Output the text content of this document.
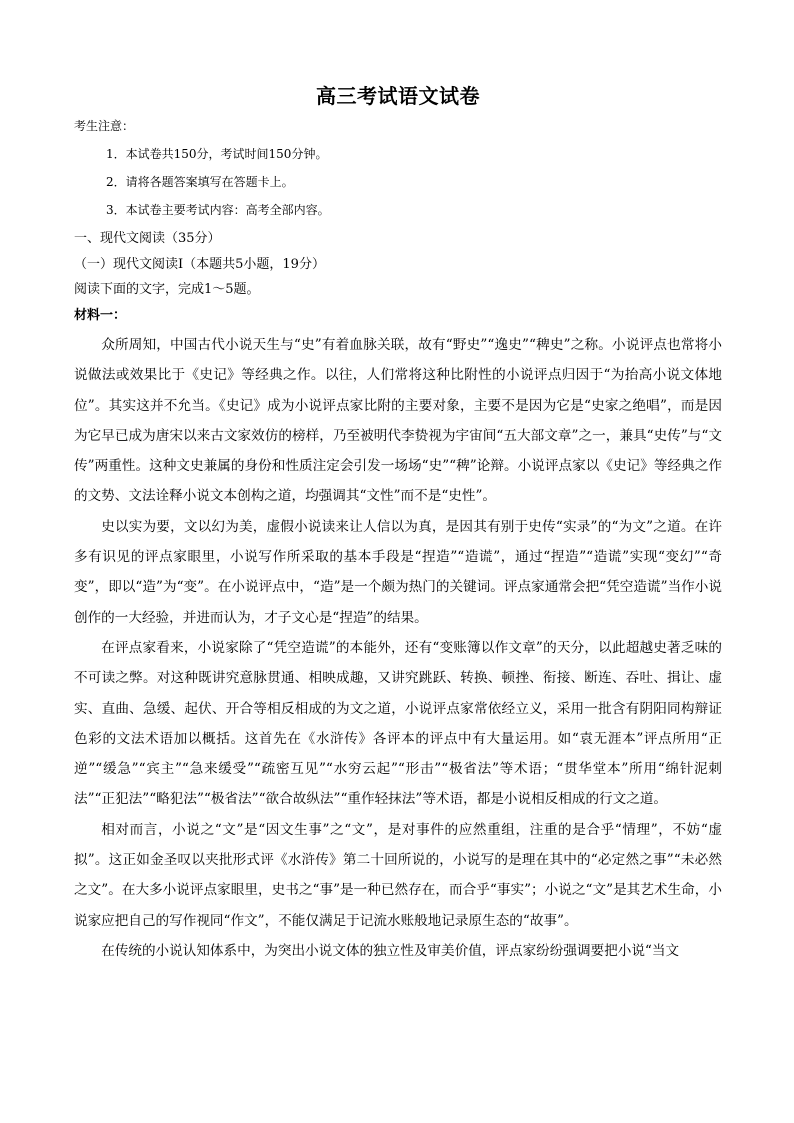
高三考试语文试卷
考生注意：
1．本试卷共150分，考试时间150分钟。
2．请将各题答案填写在答题卡上。
3．本试卷主要考试内容：高考全部内容。
一、现代文阅读（35分）
（一）现代文阅读Ⅰ（本题共5小题，19分）
阅读下面的文字，完成1～5题。
材料一：

众所周知，中国古代小说天生与“史”有着血脉关联，故有“野史”“逸史”“稗史”之称。小说评点也常将小说做法或效果比于《史记》等经典之作。以往，人们常将这种比附性的小说评点归因于“为抬高小说文体地位”。其实这并不允当。《史记》成为小说评点家比附的主要对象，主要不是因为它是“史家之绝唱”，而是因为它早已成为唐宋以来古文家效仿的榜样，乃至被明代李贽视为宇宙间“五大部文章”之一，兼具“史传”与“文传”两重性。这种文史兼属的身份和性质注定会引发一场场“史”“稗”论辩。小说评点家以《史记》等经典之作的文势、文法诠释小说文本创构之道，均强调其“文性”而不是“史性”。

史以实为要，文以幻为美，虚假小说读来让人信以为真，是因其有别于史传“实录”的“为文”之道。在许多有识见的评点家眼里，小说写作所采取的基本手段是“捏造”“造谎”，通过“捏造”“造谎”实现“变幻”“奇变”，即以“造”为“变”。在小说评点中，“造”是一个颇为热门的关键词。评点家通常会把“凭空造谎”当作小说创作的一大经验，并进而认为，才子文心是“捏造”的结果。

在评点家看来，小说家除了“凭空造谎”的本能外，还有“变账簿以作文章”的天分，以此超越史著乏味的不可读之弊。对这种既讲究意脉贯通、相映成趣，又讲究跳跃、转换、顿挫、衔接、断连、吞吐、揖让、虚实、直曲、急缓、起伏、开合等相反相成的为文之道，小说评点家常依经立义，采用一批含有阴阳同构辩证色彩的文法术语加以概括。这首先在《水浒传》各评本的评点中有大量运用。如“袁无涯本”评点所用“正逆”“缓急”“宾主”“急来缓受”“疏密互见”“水穷云起”“形击”“极省法”等术语；“贯华堂本”所用“绵针泥刺法”“正犯法”“略犯法”“极省法”“欲合故纵法”“重作轻抹法”等术语，都是小说相反相成的行文之道。

相对而言，小说之“文”是“因文生事”之“文”，是对事件的应然重组，注重的是合乎“情理”，不妨“虚拟”。这正如金圣叹以夹批形式评《水浒传》第二十回所说的，小说写的是理在其中的“必定然之事”“未必然之文”。在大多小说评点家眼里，史书之“事”是一种已然存在，而合乎“事实”；小说之“文”是其艺术生命，小说家应把自己的写作视同“作文”，不能仅满足于记流水账般地记录原生态的“故事”。

在传统的小说认知体系中，为突出小说文体的独立性及审美价值，评点家纷纷强调要把小说“当文
